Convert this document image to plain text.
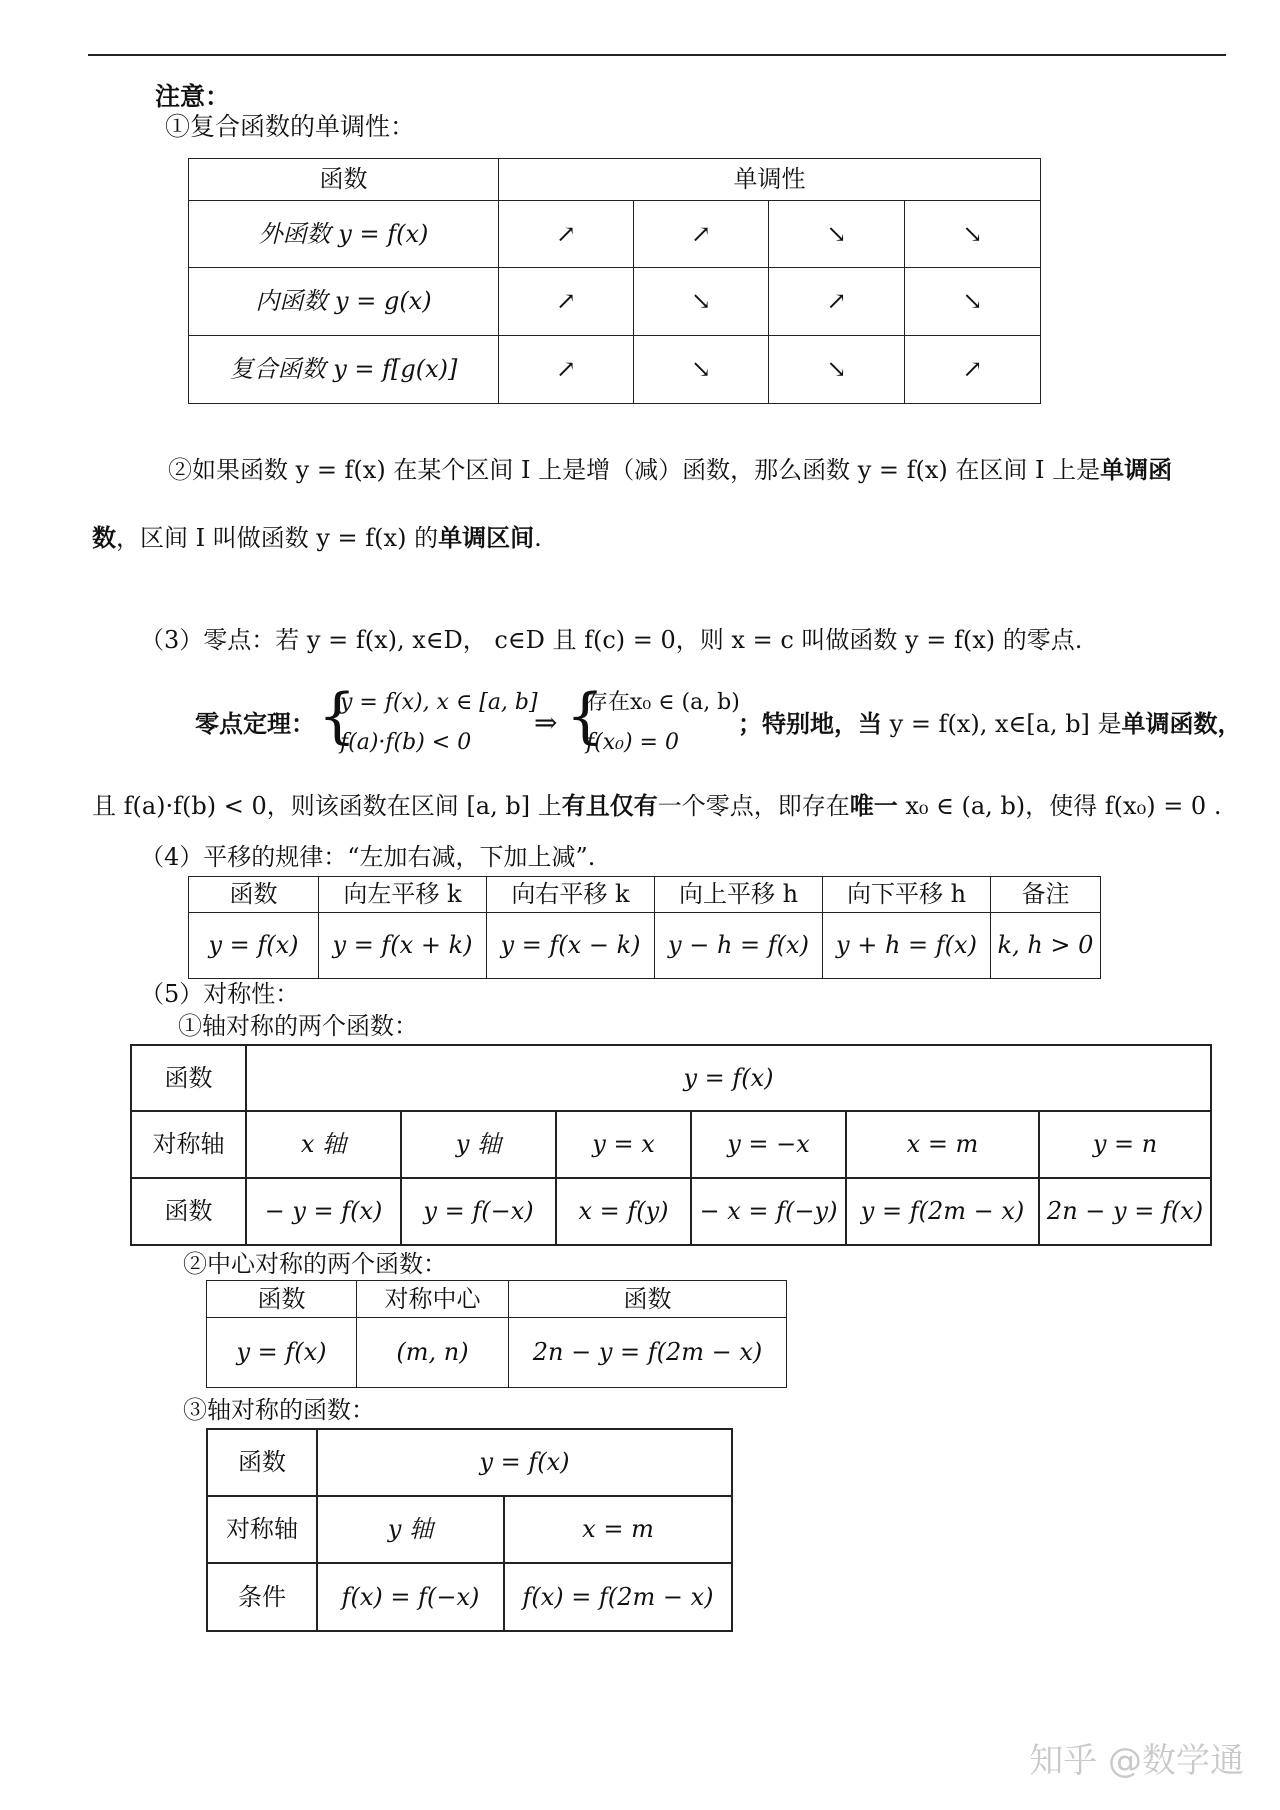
注意：
①复合函数的单调性：
函数	单调性			
外函数 y = f(x)	↗	↗	↘	↘
内函数 y = g(x)	↗	↘	↗	↘
复合函数 y = f[g(x)]	↗	↘	↘	↗
②如果函数 y = f(x) 在某个区间 I 上是增（减）函数，那么函数 y = f(x) 在区间 I 上是单调函
数，区间 I 叫做函数 y = f(x) 的单调区间.
（3）零点：若 y = f(x), x∈D， c∈D 且 f(c) = 0，则 x = c 叫做函数 y = f(x) 的零点.
零点定理： {
y = f(x), x ∈ [a, b]
f(a)·f(b) < 0
⇒ {
存在x₀ ∈ (a, b)
f(x₀) = 0
；特别地，当 y = f(x), x∈[a, b] 是单调函数，
且 f(a)·f(b) < 0，则该函数在区间 [a, b] 上有且仅有一个零点，即存在唯一 x₀ ∈ (a, b)，使得 f(x₀) = 0 .
（4）平移的规律：“左加右减，下加上减”.
函数	向左平移 k	向右平移 k	向上平移 h	向下平移 h	备注
y = f(x)	y = f(x + k)	y = f(x − k)	y − h = f(x)	y + h = f(x)	k, h > 0
（5）对称性：
①轴对称的两个函数：
函数	y = f(x)					
对称轴	x 轴	y 轴	y = x	y = −x	x = m	y = n
函数	− y = f(x)	y = f(−x)	x = f(y)	− x = f(−y)	y = f(2m − x)	2n − y = f(x)
②中心对称的两个函数：
函数	对称中心	函数
y = f(x)	(m, n)	2n − y = f(2m − x)
③轴对称的函数：
函数	y = f(x)	
对称轴	y 轴	x = m
条件	f(x) = f(−x)	f(x) = f(2m − x)
知乎 @数学通
